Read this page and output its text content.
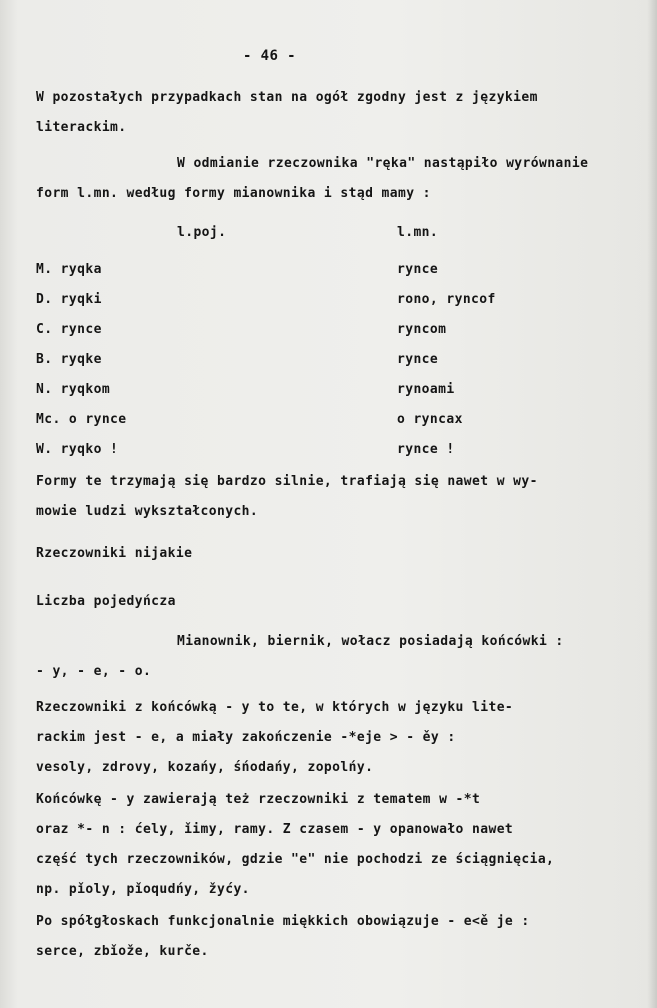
- 46 -
W pozostałych przypadkach stan na ogół zgodny jest z językiem
literackim.
W odmianie rzeczownika "ręka" nastąpiło wyrównanie
form l.mn. według formy mianownika i stąd mamy :
l.poj.	l.mn.
M. ryqka	rynce
D. ryqki	rono, ryncof
C. rynce	ryncom
B. ryqke	rynce
N. ryqkom	rynoami
Mc. o rynce	o ryncax
W. ryqko !	rynce !
Formy te trzymają się bardzo silnie, trafiają się nawet w wy-
mowie ludzi wykształconych.
Rzeczowniki nijakie
Liczba pojedyńcza
Mianownik, biernik, wołacz posiadają końcówki :
- y, - e, - o.
Rzeczowniki z końcówką - y to te, w których w języku lite-
rackim jest - e, a miały zakończenie -*eje > - ěy :
vesoly, zdrovy, kozańy, śńodańy, zopolńy.
Końcówkę - y zawierają też rzeczowniki z tematem w -*t
oraz *- n : ćely, ǐimy, ramy. Z czasem - y opanowało nawet
część tych rzeczowników, gdzie "e" nie pochodzi ze ściągnięcia,
np. pǐoly, pǐoqudńy, žyćy.
Po spółgłoskach funkcjonalnie miękkich obowiązuje - e<ě je :
serce, zbǐože, kurče.
